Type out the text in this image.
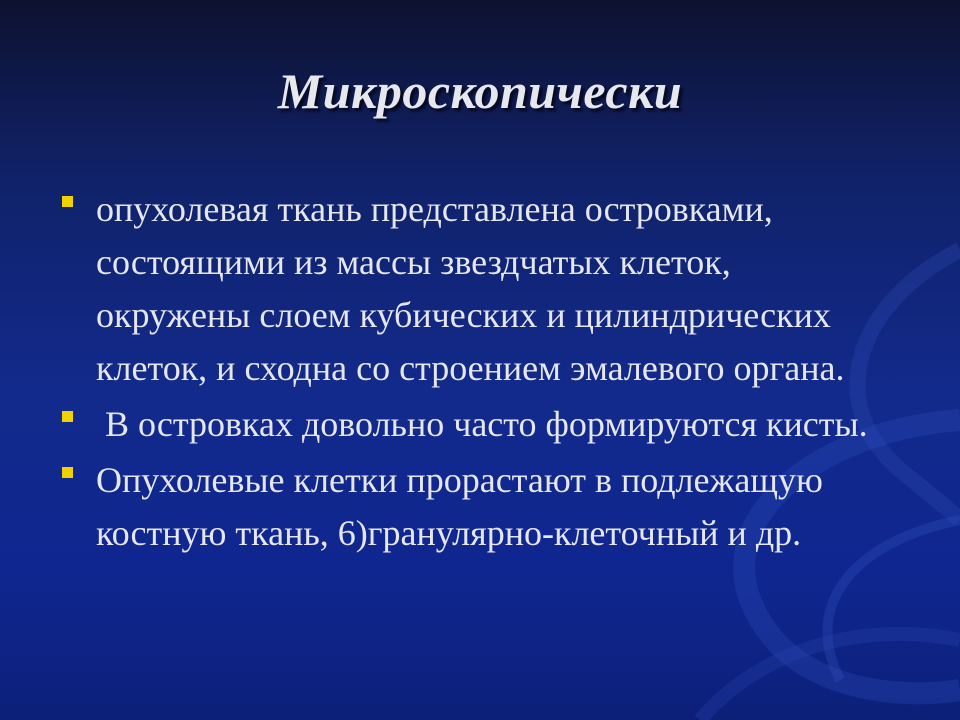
Микроскопически
опухолевая ткань представлена островками, состоящими из массы звездчатых клеток, окружены слоем кубических и цилиндрических клеток, и сходна со строением эмалевого органа.
В островках довольно часто формируются кисты.
Опухолевые клетки прорастают в подлежащую костную ткань, 6)гранулярно-клеточный и др.
